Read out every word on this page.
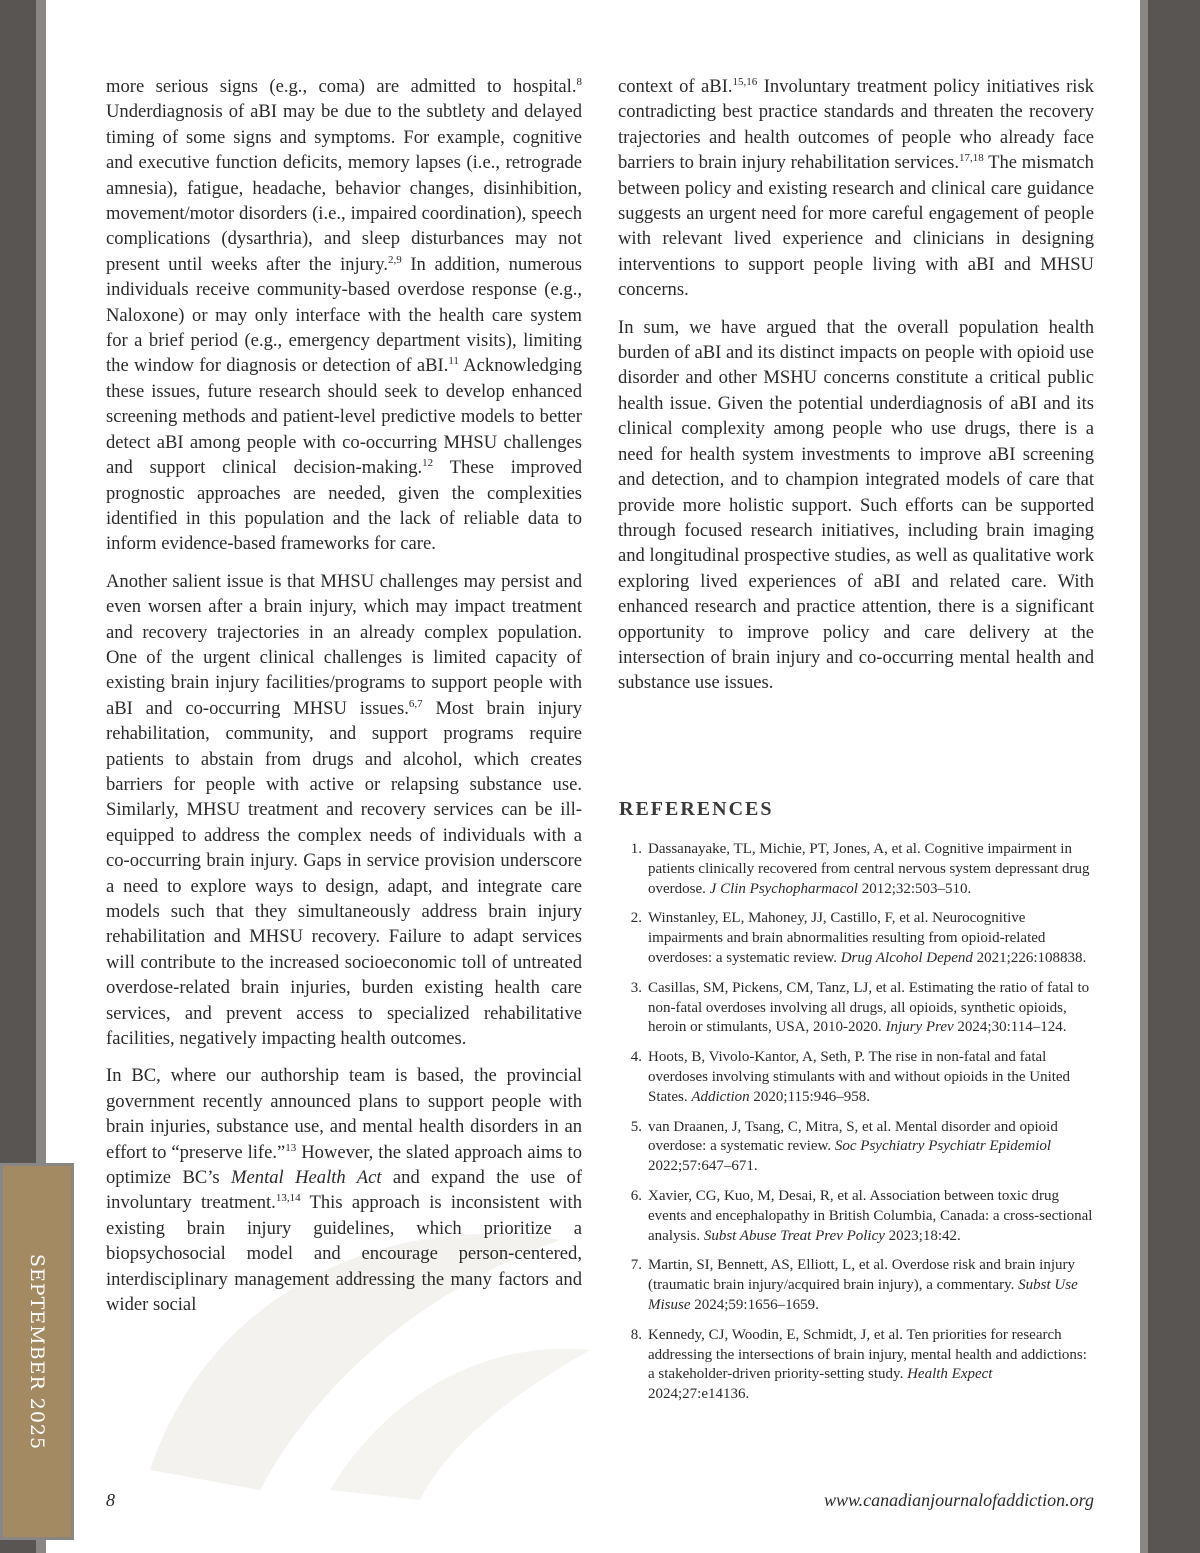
SEPTEMBER 2025

more serious signs (e.g., coma) are admitted to hospital.$^8$ Underdiagnosis of aBI may be due to the subtlety and delayed timing of some signs and symptoms. For example, cognitive and executive function deficits, memory lapses (i.e., retrograde amnesia), fatigue, headache, behavior changes, disinhibition, movement/motor disorders (i.e., impaired coordination), speech complications (dysarthria), and sleep disturbances may not present until weeks after the injury.$^{2,9}$ In addition, numerous individuals receive community-based overdose response (e.g., Naloxone) or may only interface with the health care system for a brief period (e.g., emergency department visits), limiting the window for diagnosis or detection of aBI.$^{11}$ Acknowledging these issues, future research should seek to develop enhanced screening methods and patient-level predictive models to better detect aBI among people with co-occurring MHSU challenges and support clinical decision-making.$^{12}$ These improved prognostic approaches are needed, given the complexities identified in this population and the lack of reliable data to inform evidence-based frameworks for care.

Another salient issue is that MHSU challenges may persist and even worsen after a brain injury, which may impact treatment and recovery trajectories in an already complex population. One of the urgent clinical challenges is limited capacity of existing brain injury facilities/programs to support people with aBI and co-occurring MHSU issues.$^{6,7}$ Most brain injury rehabilitation, community, and support programs require patients to abstain from drugs and alcohol, which creates barriers for people with active or relapsing substance use. Similarly, MHSU treatment and recovery services can be ill-equipped to address the complex needs of individuals with a co-occurring brain injury. Gaps in service provision underscore a need to explore ways to design, adapt, and integrate care models such that they simultaneously address brain injury rehabilitation and MHSU recovery. Failure to adapt services will contribute to the increased socioeconomic toll of untreated overdose-related brain injuries, burden existing health care services, and prevent access to specialized rehabilitative facilities, negatively impacting health outcomes.

In BC, where our authorship team is based, the provincial government recently announced plans to support people with brain injuries, substance use, and mental health disorders in an effort to “preserve life.”$^{13}$ However, the slated approach aims to optimize BC’s Mental Health Act and expand the use of involuntary treatment.$^{13,14}$ This approach is inconsistent with existing brain injury guidelines, which prioritize a biopsychosocial model and encourage person-centered, interdisciplinary management addressing the many factors and wider social

context of aBI.$^{15,16}$ Involuntary treatment policy initiatives risk contradicting best practice standards and threaten the recovery trajectories and health outcomes of people who already face barriers to brain injury rehabilitation services.$^{17,18}$ The mismatch between policy and existing research and clinical care guidance suggests an urgent need for more careful engagement of people with relevant lived experience and clinicians in designing interventions to support people living with aBI and MHSU concerns.

In sum, we have argued that the overall population health burden of aBI and its distinct impacts on people with opioid use disorder and other MSHU concerns constitute a critical public health issue. Given the potential underdiagnosis of aBI and its clinical complexity among people who use drugs, there is a need for health system investments to improve aBI screening and detection, and to champion integrated models of care that provide more holistic support. Such efforts can be supported through focused research initiatives, including brain imaging and longitudinal prospective studies, as well as qualitative work exploring lived experiences of aBI and related care. With enhanced research and practice attention, there is a significant opportunity to improve policy and care delivery at the intersection of brain injury and co-occurring mental health and substance use issues.

REFERENCES
1. Dassanayake, TL, Michie, PT, Jones, A, et al. Cognitive impairment in patients clinically recovered from central nervous system depressant drug overdose. J Clin Psychopharmacol 2012;32:503–510.
2. Winstanley, EL, Mahoney, JJ, Castillo, F, et al. Neurocognitive impairments and brain abnormalities resulting from opioid-related overdoses: a systematic review. Drug Alcohol Depend 2021;226:108838.
3. Casillas, SM, Pickens, CM, Tanz, LJ, et al. Estimating the ratio of fatal to non-fatal overdoses involving all drugs, all opioids, synthetic opioids, heroin or stimulants, USA, 2010-2020. Injury Prev 2024;30:114–124.
4. Hoots, B, Vivolo-Kantor, A, Seth, P. The rise in non-fatal and fatal overdoses involving stimulants with and without opioids in the United States. Addiction 2020;115:946–958.
5. van Draanen, J, Tsang, C, Mitra, S, et al. Mental disorder and opioid overdose: a systematic review. Soc Psychiatry Psychiatr Epidemiol 2022;57:647–671.
6. Xavier, CG, Kuo, M, Desai, R, et al. Association between toxic drug events and encephalopathy in British Columbia, Canada: a cross-sectional analysis. Subst Abuse Treat Prev Policy 2023;18:42.
7. Martin, SI, Bennett, AS, Elliott, L, et al. Overdose risk and brain injury (traumatic brain injury/acquired brain injury), a commentary. Subst Use Misuse 2024;59:1656–1659.
8. Kennedy, CJ, Woodin, E, Schmidt, J, et al. Ten priorities for research addressing the intersections of brain injury, mental health and addictions: a stakeholder-driven priority-setting study. Health Expect 2024;27:e14136.
8	www.canadianjournalofaddiction.org
